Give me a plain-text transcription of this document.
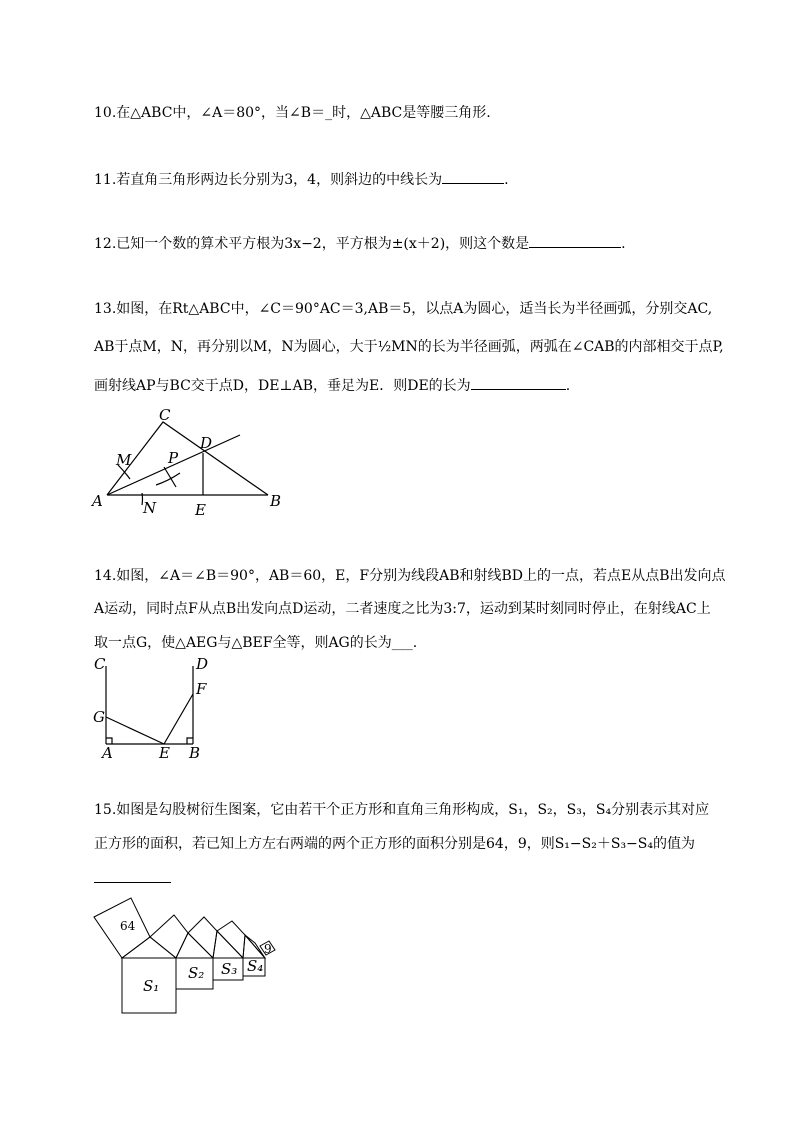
10.在△ABC中，∠A＝80°，当∠B＝_时，△ABC是等腰三角形.
11.若直角三角形两边长分别为3，4，则斜边的中线长为	.
12.已知一个数的算术平方根为3x−2，平方根为±(x＋2)，则这个数是	.
13.如图，在Rt△ABC中，∠C＝90°AC＝3,AB＝5，以点A为圆心，适当长为半径画弧，分别交AC,
AB于点M，N，再分别以M，N为圆心，大于½MN的长为半径画弧，两弧在∠CAB的内部相交于点P,
画射线AP与BC交于点D，DE⊥AB，垂足为E．则DE的长为	.
A	B
C
D
E
M
N
P
14.如图，∠A＝∠B＝90°，AB＝60，E，F分别为线段AB和射线BD上的一点，若点E从点B出发向点
A运动，同时点F从点B出发向点D运动，二者速度之比为3:7，运动到某时刻同时停止，在射线AC上
取一点G，使△AEG与△BEF全等，则AG的长为___.
C	D
F
G
A	E B
15.如图是勾股树衍生图案，它由若干个正方形和直角三角形构成，S₁，S₂，S₃，S₄分别表示其对应
正方形的面积，若已知上方左右两端的两个正方形的面积分别是64，9，则S₁−S₂＋S₃−S₄的值为
64
9
S₁
S₂ S₃ S₄
